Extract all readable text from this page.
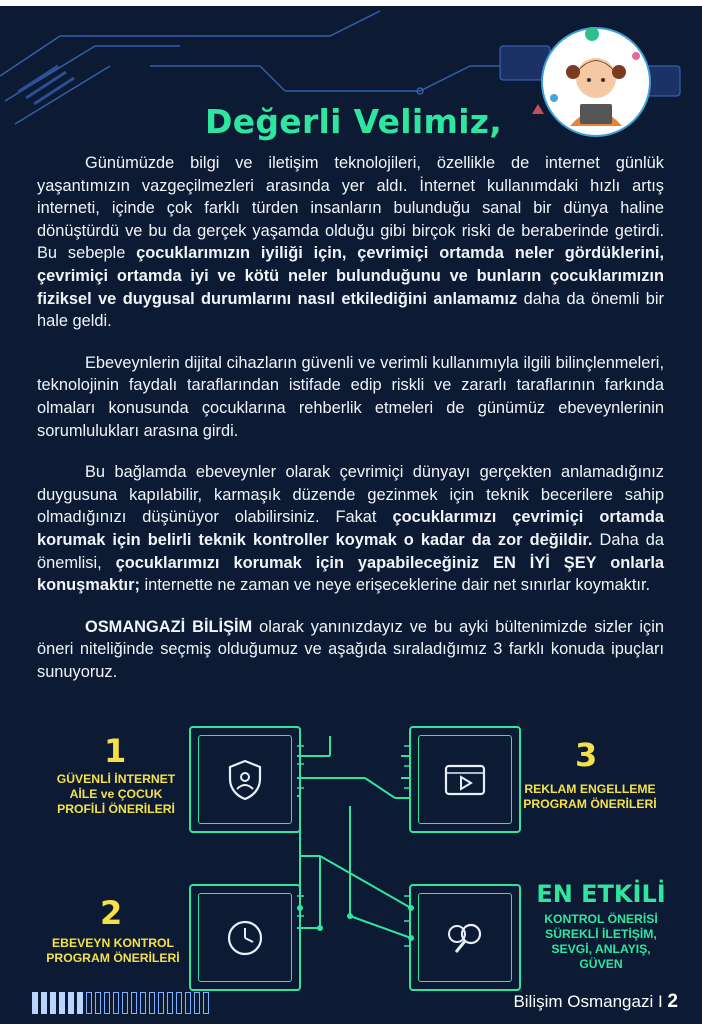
Değerli Velimiz,

Günümüzde bilgi ve iletişim teknolojileri, özellikle de internet günlük yaşantımızın vazgeçilmezleri arasında yer aldı. İnternet kullanımdaki hızlı artış interneti, içinde çok farklı türden insanların bulunduğu sanal bir dünya haline dönüştürdü ve bu da gerçek yaşamda olduğu gibi birçok riski de beraberinde getirdi. Bu sebeple çocuklarımızın iyiliği için, çevrimiçi ortamda neler gördüklerini, çevrimiçi ortamda iyi ve kötü neler bulunduğunu ve bunların çocuklarımızın fiziksel ve duygusal durumlarını nasıl etkilediğini anlamamız daha da önemli bir hale geldi.

Ebeveynlerin dijital cihazların güvenli ve verimli kullanımıyla ilgili bilinçlenmeleri, teknolojinin faydalı taraflarından istifade edip riskli ve zararlı taraflarının farkında olmaları konusunda çocuklarına rehberlik etmeleri de günümüz ebeveynlerinin sorumlulukları arasına girdi.

Bu bağlamda ebeveynler olarak çevrimiçi dünyayı gerçekten anlamadığınız duygusuna kapılabilir, karmaşık düzende gezinmek için teknik becerilere sahip olmadığınızı düşünüyor olabilirsiniz. Fakat çocuklarımızı çevrimiçi ortamda korumak için belirli teknik kontroller koymak o kadar da zor değildir. Daha da önemlisi, çocuklarımızı korumak için yapabileceğiniz EN İYİ ŞEY onlarla konuşmaktır; internette ne zaman ve neye erişeceklerine dair net sınırlar koymaktır.

OSMANGAZİ BİLİŞİM olarak yanınızdayız ve bu ayki bültenimizde sizler için öneri niteliğinde seçmiş olduğumuz ve aşağıda sıraladığımız 3 farklı konuda ipuçları sunuyoruz.

1
GÜVENLİ İNTERNET
AİLE ve ÇOCUK
PROFİLİ ÖNERİLERİ
3
REKLAM ENGELLEME
PROGRAM ÖNERİLERİ
2
EBEVEYN KONTROL
PROGRAM ÖNERİLERİ
EN ETKİLİ
KONTROL ÖNERİSİ
SÜREKLİ İLETİŞİM,
SEVGİ, ANLAYIŞ,
GÜVEN
Bilişim Osmangazi I 2
